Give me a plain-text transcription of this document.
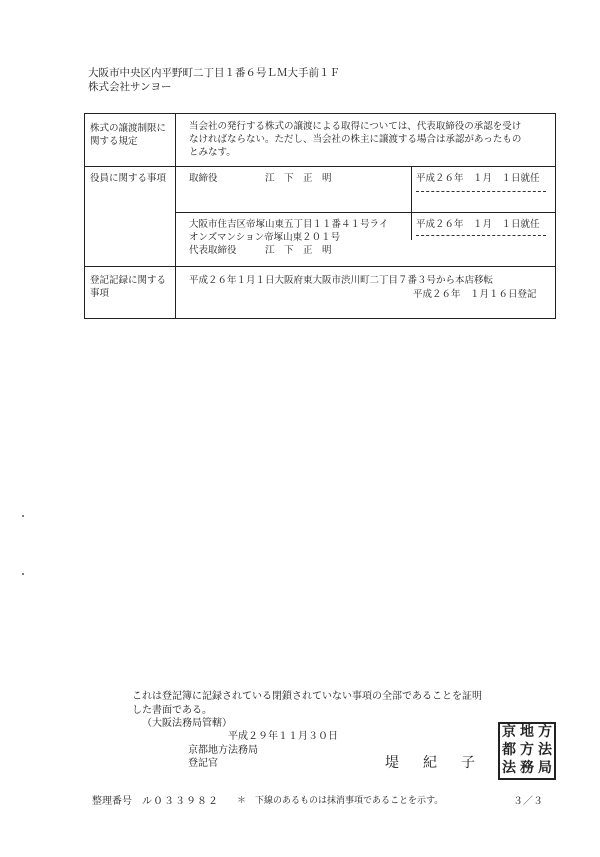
大阪市中央区内平野町二丁目１番６号ＬＭ大手前１Ｆ
株式会社サンヨー
株式の譲渡制限に
関する規定
当会社の発行する株式の譲渡による取得については、代表取締役の承認を受け
なければならない。ただし、当会社の株主に譲渡する場合は承認があったもの
とみなす。
役員に関する事項 取締役	江　下　正　明	平成２６年　１月　１日就任
大阪市住吉区帝塚山東五丁目１１番４１号ライ
オンズマンション帝塚山東２０１号
代表取締役	江　下　正　明
平成２６年　１月　１日就任
登記記録に関する
事項
平成２６年１月１日大阪府東大阪市渋川町二丁目７番３号から本店移転
平成２６年　１月１６日登記
これは登記簿に記録されている閉鎖されていない事項の全部であることを証明
した書面である。
（大阪法務局管轄）
平成２９年１１月３０日
京都地方法務局
登記官	堤紀子
京 地 方
都 方 法
法 務 局
整理番号 ル０３３９８２ ＊　下線のあるものは抹消事項であることを示す。	３／３
